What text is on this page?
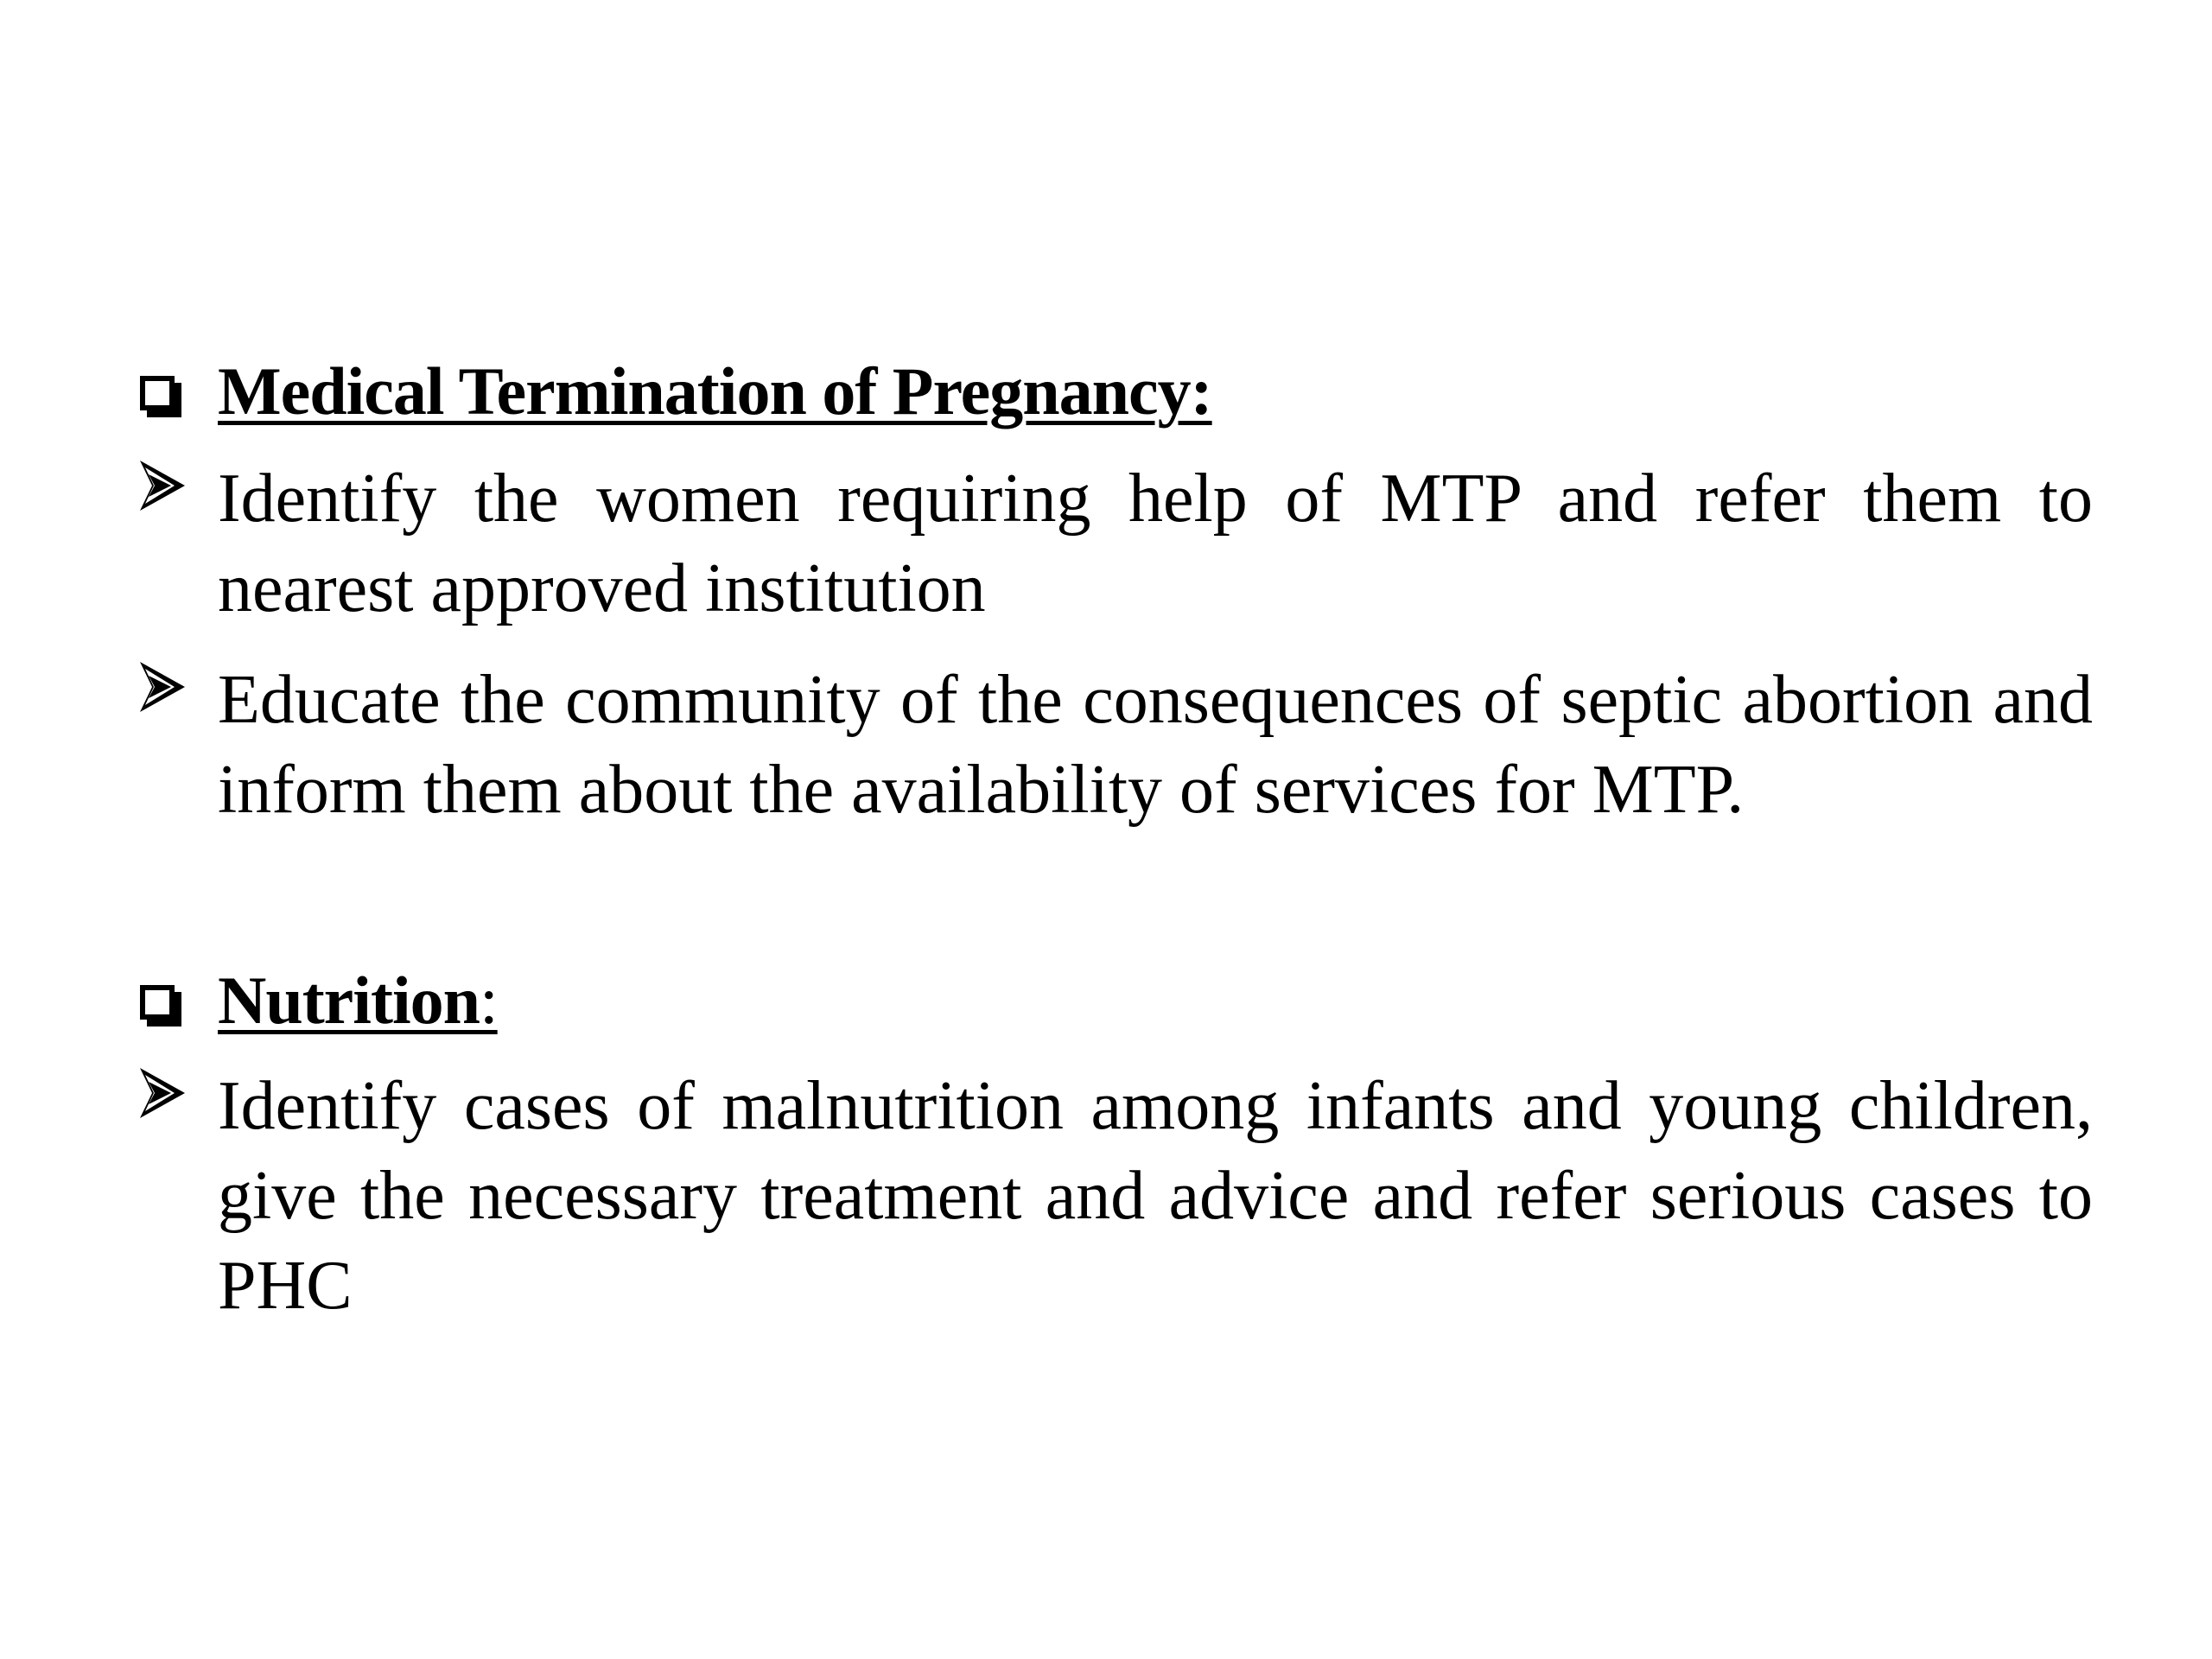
Medical Termination of Pregnancy:
Identify the women requiring help of MTP and refer them to nearest approved institution
Educate the community of the consequences of septic abortion and inform them about the availability of services for MTP.
Nutrition:
Identify cases of malnutrition among infants and young children, give the necessary treatment and advice and refer serious cases to PHC
